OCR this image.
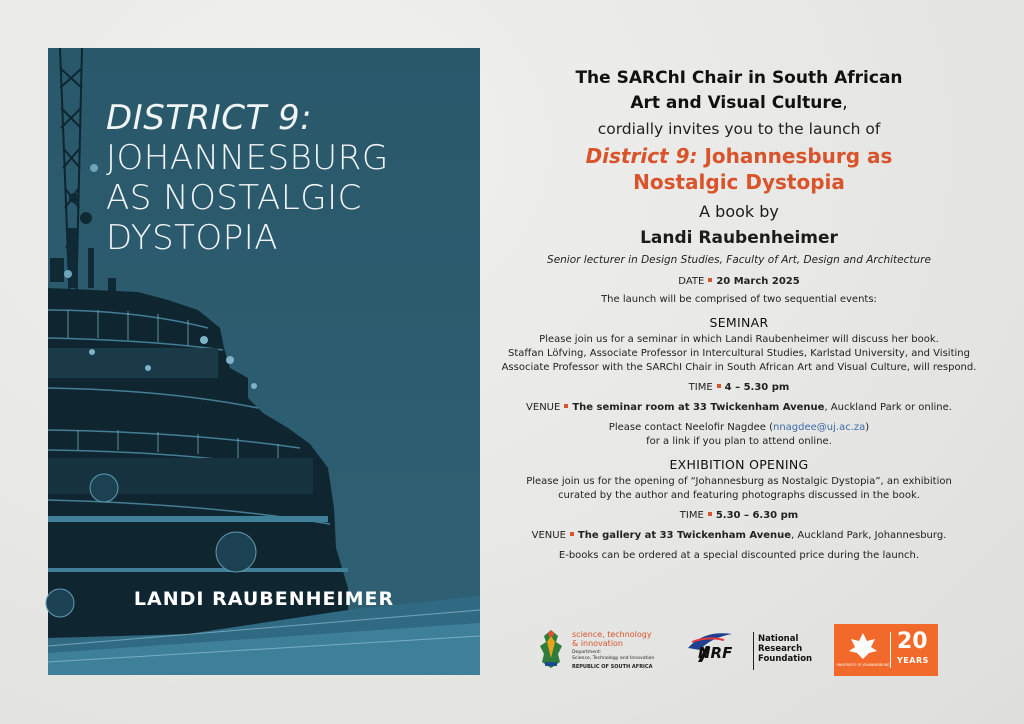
DISTRICT 9:
JOHANNESBURG
AS NOSTALGIC
DYSTOPIA
LANDI RAUBENHEIMER
The SARChI Chair in South African
Art and Visual Culture,
cordially invites you to the launch of
District 9: Johannesburg as
Nostalgic Dystopia
A book by
Landi Raubenheimer
Senior lecturer in Design Studies, Faculty of Art, Design and Architecture
DATE 20 March 2025
The launch will be comprised of two sequential events:
SEMINAR
Please join us for a seminar in which Landi Raubenheimer will discuss her book.
Staffan Löfving, Associate Professor in Intercultural Studies, Karlstad University, and Visiting
Associate Professor with the SARChI Chair in South African Art and Visual Culture, will respond.
TIME 4 – 5.30 pm
VENUE The seminar room at 33 Twickenham Avenue, Auckland Park or online.
Please contact Neelofir Nagdee (nnagdee@uj.ac.za)
for a link if you plan to attend online.
EXHIBITION OPENING
Please join us for the opening of “Johannesburg as Nostalgic Dystopia”, an exhibition
curated by the author and featuring photographs discussed in the book.
TIME 5.30 – 6.30 pm
VENUE The gallery at 33 Twickenham Avenue, Auckland Park, Johannesburg.
E-books can be ordered at a special discounted price during the launch.
science, technology
& innovation
Department:
Science, Technology and Innovation
REPUBLIC OF SOUTH AFRICA
NRF
National
Research
Foundation
UNIVERSITY OF JOHANNESBURG
20
YEARS
